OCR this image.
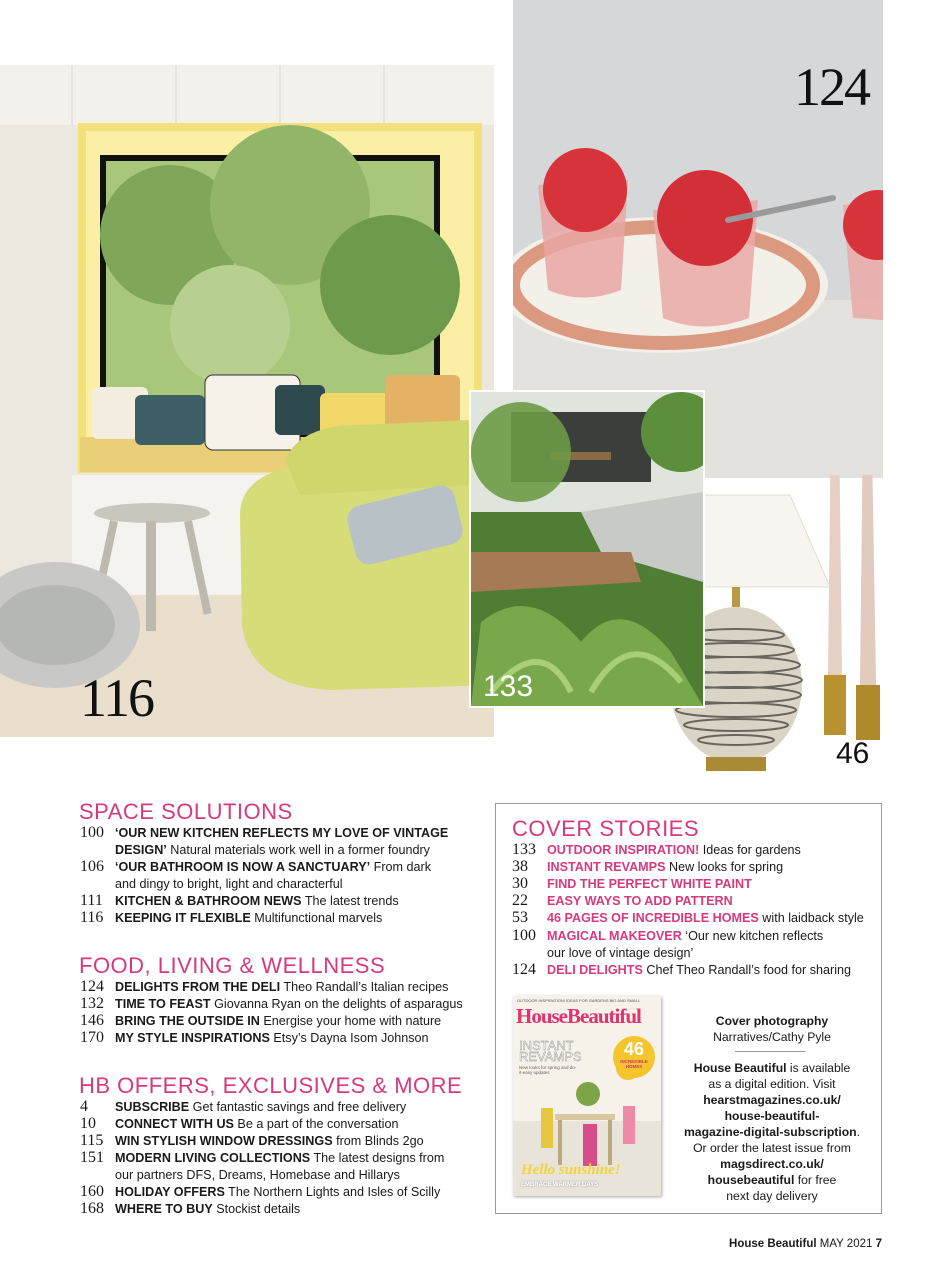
124
46
133
116
SPACE SOLUTIONS
100 ‘OUR NEW KITCHEN REFLECTS MY LOVE OF VINTAGE
DESIGN’ Natural materials work well in a former foundry
106 ‘OUR BATHROOM IS NOW A SANCTUARY’ From dark
and dingy to bright, light and characterful
111 KITCHEN & BATHROOM NEWS The latest trends
116 KEEPING IT FLEXIBLE Multifunctional marvels
FOOD, LIVING & WELLNESS
124 DELIGHTS FROM THE DELI Theo Randall’s Italian recipes
132 TIME TO FEAST Giovanna Ryan on the delights of asparagus
146 BRING THE OUTSIDE IN Energise your home with nature
170 MY STYLE INSPIRATIONS Etsy’s Dayna Isom Johnson
HB OFFERS, EXCLUSIVES & MORE
4 SUBSCRIBE Get fantastic savings and free delivery
10 CONNECT WITH US Be a part of the conversation
115 WIN STYLISH WINDOW DRESSINGS from Blinds 2go
151 MODERN LIVING COLLECTIONS The latest designs from
our partners DFS, Dreams, Homebase and Hillarys
160 HOLIDAY OFFERS The Northern Lights and Isles of Scilly
168 WHERE TO BUY Stockist details
COVER STORIES
133 OUTDOOR INSPIRATION! Ideas for gardens
38 INSTANT REVAMPS New looks for spring
30 FIND THE PERFECT WHITE PAINT
22 EASY WAYS TO ADD PATTERN
53 46 PAGES OF INCREDIBLE HOMES with laidback style
100 MAGICAL MAKEOVER ‘Our new kitchen reflects
our love of vintage design’
124 DELI DELIGHTS Chef Theo Randall’s food for sharing
OUTDOOR INSPIRATION! IDEAS FOR GARDENS BIG AND SMALL
HouseBeautiful
INSTANT
REVAMPS
New looks for spring and do-it-easy updates
46
INCREDIBLE HOMES
Hello sunshine!
EMBRACE WARMER DAYS
Cover photography
Narratives/Cathy Pyle
House Beautiful is available
as a digital edition. Visit
hearstmagazines.co.uk/
house-beautiful-
magazine-digital-subscription.
Or order the latest issue from
magsdirect.co.uk/
housebeautiful for free
next day delivery
House Beautiful MAY 2021 7
